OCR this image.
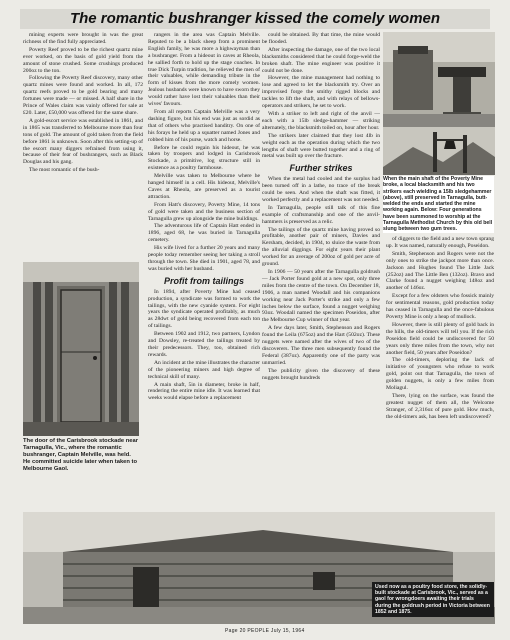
The romantic bushranger kissed the comely women
When the main shaft of the Poverty Mine broke, a local blacksmith and his two strikers each wielding a 15lb sledgehammer (above), still preserved in Tarnagulla, butt-welded the ends and started the mine working again. Below: Four generations have been summoned to worship at the Tarnagulla Methodist Church by this old bell slung between two gum trees.

mining experts were brought in was the great richness of the find fully appreciated.

Poverty Reef proved to be the richest quartz mine ever worked, on the basis of gold yield from the amount of stone crushed. Some crushings produced 200oz to the ton.

Following the Poverty Reef discovery, many other quartz mines were found and worked. In all, 172 quartz reefs proved to be gold bearing and many fortunes were made — or missed. A half share in the Prince of Wales claim was vainly offered for sale at £20. Later, £50,000 was offered for the same share.

A gold-escort service was established in 1861, and in 1865 was transferred to Melbourne more than four tons of gold. The amount of gold taken from the field before 1861 is unknown. Soon after this setting-up of the escort many diggers refrained from using it, because of their fear of bushrangers, such as Black Douglas and his gang.

The most romantic of the bush-

The door of the Carisbrook stockade near Tarnagulla, Vic., where the romantic bushranger, Captain Melville, was held. He committed suicide later when taken to Melbourne Gaol.

rangers in the area was Captain Melville. Reputed to be a black sheep from a prominent English family, he was more a highwayman than a bushranger. From a hideout in caves at Rheola, he sallied forth to hold up the stage coaches. In true Dick Turpin tradition, he relieved the men of their valuables, while demanding tribute in the form of kisses from the more comely women. Jealous husbands were known to have sworn they would rather have lost their valuables than their wives' favours.

From all reports Captain Melville was a very dashing figure, but his end was just as sordid as that of others who practised banditry. On one of his forays he held up a squatter named Jones and robbed him of his purse, watch and horse.

Before he could regain his hideout, he was taken by troopers and lodged in Carisbrook Stockade, a primitive, log structure still in existence as a poultry farmhouse.

Melville was taken to Melbourne where he hanged himself in a cell. His hideout, Melville's Caves at Rheola, are preserved as a tourist attraction.

From Hatt's discovery, Poverty Mine, 14 tons of gold were taken and the business section of Tarnagulla grew up alongside the mine buildings.

The adventurous life of Captain Hatt ended in 1896, aged 68, he was buried in Tarnagulla cemetery.

His wife lived for a further 20 years and many people today remember seeing her taking a stroll through the town. She died in 1901, aged 78, and was buried with her husband.

Profit from tailings

In 1894, after Poverty Mine had ceased production, a syndicate was formed to work the tailings, with the new cyanide system. For eight years the syndicate operated profitably, as much as 28dwt of gold being recovered from each ton of tailings.

Between 1902 and 1912, two partners, Lyndon and Dowsley, re-treated the tailings treated by their predecessors. They, too, obtained rich rewards.

An incident at the mine illustrates the character of the pioneering miners and high degree of technical skill of many.

A main shaft, 5in in diameter, broke in half, rendering the entire mine idle. It was learned that weeks would elapse before a replacement

could be obtained. By that time, the mine would be flooded.

After inspecting the damage, one of the two local blacksmiths considered that he could forge-weld the broken shaft. The mine engineer was positive it could not be done.

However, the mine management had nothing to lose and agreed to let the blacksmith try. Over an improvised forge the smithy rigged blocks and tackles to lift the shaft, and with relays of bellows-operators and strikers, he set to work.

With a striker to left and right of the anvil — each with a 15lb sledge-hammer — striking alternately, the blacksmith toiled on, hour after hour.

The strikers later claimed that they lost 4lb in weight each as the operation during which the two lengths of shaft were butted together and a ring of metal was built up over the fracture.

Further strikes

When the metal had cooled and the surplus had been turned off in a lathe, no trace of the break could be seen. And when the shaft was fitted, it worked perfectly and a replacement was not needed.

In Tarnagulla, people still talk of this fine example of craftsmanship and one of the anvil-hammers is preserved as a relic.

The tailings of the quartz mine having proved so profitable, another pair of miners, Davies and Kersham, decided, in 1904, to sluice the waste from the alluvial diggings. For eight years their plant worked for an average of 200oz of gold per acre of ground.

In 1906 — 50 years after the Tarnagulla goldrush — Jack Porter found gold at a new spot, only three miles from the centre of the town. On December 18, 1906, a man named Woodall and his companions working near Jack Porter's strike and only a few inches below the surface, found a nugget weighing 93oz. Woodall named the specimen Poseidon, after the Melbourne Cup winner of that year.

A few days later, Smith, Stephenson and Rogers found the Leila (675oz) and the Hart (502oz). These nuggets were named after the wives of two of the discoverers. The three men subsequently found the Federal (387oz). Apparently one of the party was unmarried.

The publicity given the discovery of these nuggets brought hundreds

of diggers to the field and a new town sprang up. It was named, naturally enough, Poseidon.

Smith, Stephenson and Rogers were not the only ones to strike the jackpot more than once. Jackson and Hughes found The Little Jack (252oz) and The Little Ben (132oz). Bravo and Clarke found a nugget weighing 148oz and another of 146oz.

Except for a few oldsters who fossick mainly for sentimental reasons, gold production today has ceased in Tarnagulla and the once-fabulous Poverty Mine is only a heap of mullock.

However, there is still plenty of gold back in the hills, the old-timers will tell you. If the rich Poseidon field could be undiscovered for 50 years only three miles from the town, why not another field, 50 years after Poseidon?

The old-timers, deploring the lack of initiative of youngsters who refuse to work gold, point out that Tarnagulla, the town of golden nuggets, is only a few miles from Moliagul.

There, lying on the surface, was found the greatest nugget of them all, the Welcome Stranger, of 2,316oz of pure gold. How much, the old-timers ask, has been left undiscovered?

Used now as a poultry food store, the solidly-built stockade at Carisbrook, Vic., served as a gaol for wrongdoers awaiting their trials during the goldrush period in Victoria between 1852 and 1875.
Page 20 PEOPLE July 15, 1964
